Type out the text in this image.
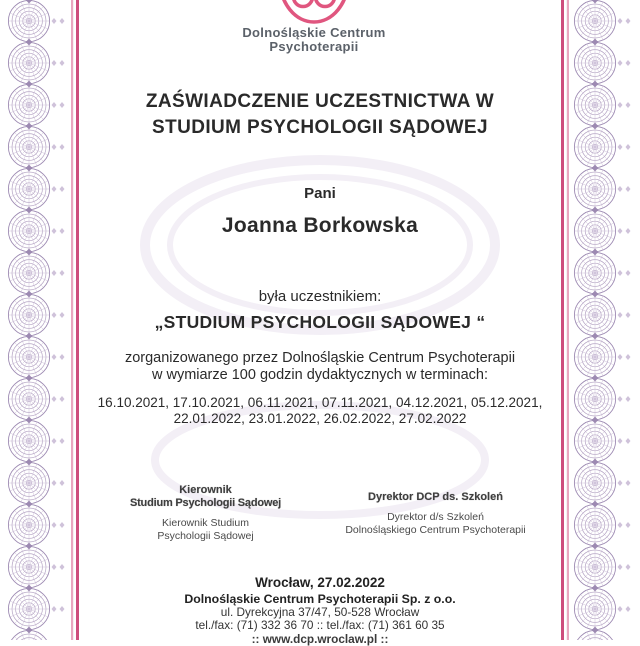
Dolnośląskie Centrum
Psychoterapii
ZAŚWIADCZENIE UCZESTNICTWA W
STUDIUM PSYCHOLOGII SĄDOWEJ
Pani
Joanna Borkowska
była uczestnikiem:
„STUDIUM PSYCHOLOGII SĄDOWEJ “
zorganizowanego przez Dolnośląskie Centrum Psychoterapii
w wymiarze 100 godzin dydaktycznych w terminach:
16.10.2021, 17.10.2021, 06.11.2021, 07.11.2021, 04.12.2021, 05.12.2021,
22.01.2022, 23.01.2022, 26.02.2022, 27.02.2022
Kierownik
Studium Psychologii Sądowej
Kierownik Studium
Psychologii Sądowej
Dyrektor DCP ds. Szkoleń
Dyrektor d/s Szkoleń
Dolnośląskiego Centrum Psychoterapii
Wrocław, 27.02.2022
Dolnośląskie Centrum Psychoterapii Sp. z o.o.
ul. Dyrekcyjna 37/47, 50-528 Wrocław
tel./fax: (71) 332 36 70 :: tel./fax: (71) 361 60 35
:: www.dcp.wroclaw.pl ::
